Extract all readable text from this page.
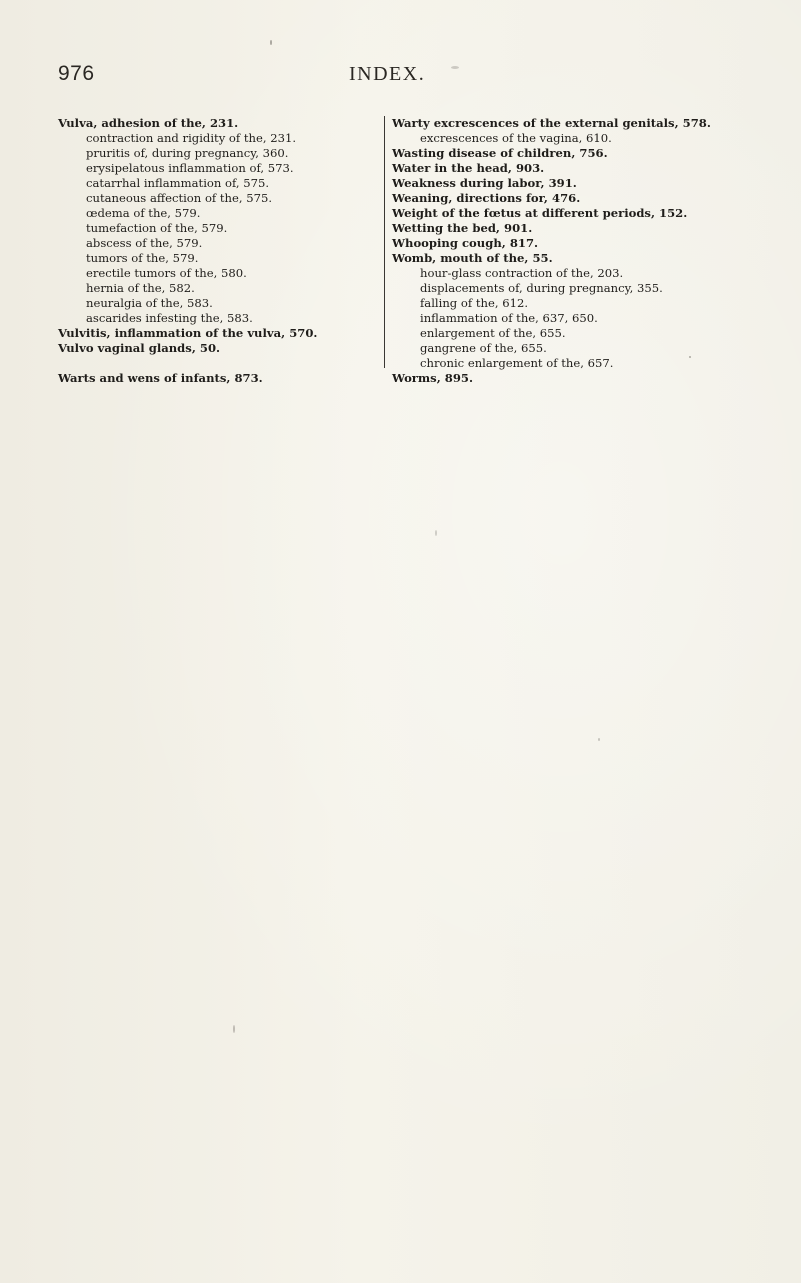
976	INDEX.

Vulva, adhesion of the, 231.

contraction and rigidity of the, 231.

pruritis of, during pregnancy, 360.

erysipelatous inflammation of, 573.

catarrhal inflammation of, 575.

cutaneous affection of the, 575.

œdema of the, 579.

tumefaction of the, 579.

abscess of the, 579.

tumors of the, 579.

erectile tumors of the, 580.

hernia of the, 582.

neuralgia of the, 583.

ascarides infesting the, 583.

Vulvitis, inflammation of the vulva, 570.

Vulvo vaginal glands, 50.

Warts and wens of infants, 873.

Warty excrescences of the external genitals, 578.

excrescences of the vagina, 610.

Wasting disease of children, 756.

Water in the head, 903.

Weakness during labor, 391.

Weaning, directions for, 476.

Weight of the fœtus at different periods, 152.

Wetting the bed, 901.

Whooping cough, 817.

Womb, mouth of the, 55.

hour-glass contraction of the, 203.

displacements of, during pregnancy, 355.

falling of the, 612.

inflammation of the, 637, 650.

enlargement of the, 655.

gangrene of the, 655.

chronic enlargement of the, 657.

Worms, 895.
